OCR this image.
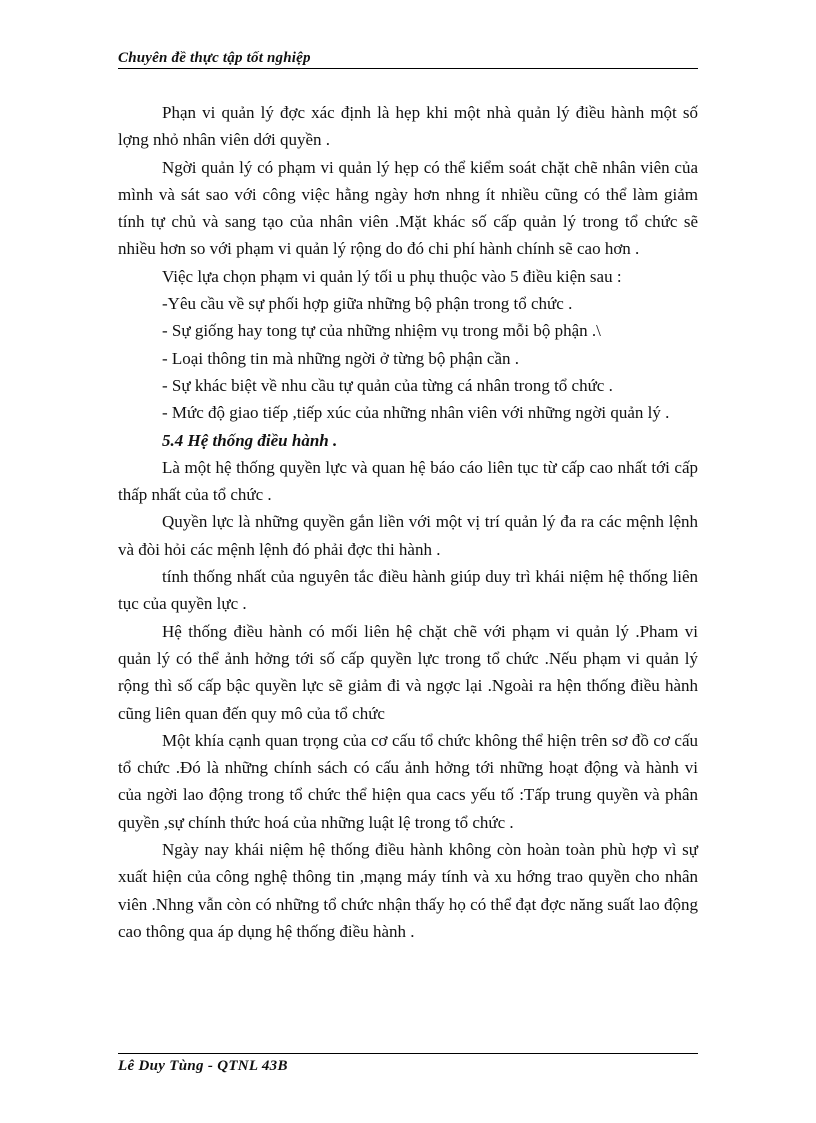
Chuyên đề thực tập tốt nghiệp

Phạn vi quản lý đợc xác định là hẹp khi một nhà quản lý điều hành một số lợng nhỏ nhân viên dới quyền .

Ngời quản lý có phạm vi quản lý hẹp có thể kiểm soát chặt chẽ nhân viên của mình và sát sao với công việc hằng ngày hơn nhng ít nhiều cũng có thể làm giảm tính tự chủ và sang tạo của nhân viên .Mặt khác số cấp quản lý trong tổ chức sẽ nhiều hơn so với phạm vi quản lý rộng do đó chi phí hành chính sẽ cao hơn .

Việc lựa chọn phạm vi quản lý tối u phụ thuộc vào 5 điều kiện sau :

-Yêu cầu về sự phối hợp giữa những bộ phận trong tổ chức .

- Sự giống hay tong tự của những nhiệm vụ trong mỗi bộ phận .\

- Loại thông tin mà những ngời ở từng bộ phận cần .

- Sự khác biệt về nhu cầu tự quản của từng cá nhân trong tổ chức .

- Mức độ giao tiếp ,tiếp xúc của những nhân viên với những ngời quản lý .

5.4 Hệ thống điều hành .

Là một hệ thống quyền lực và quan hệ báo cáo liên tục từ cấp cao nhất tới cấp thấp nhất của tổ chức .

Quyền lực là những quyền gắn liền với một vị trí quản lý đa ra các mệnh lệnh và đòi hỏi các mệnh lệnh đó phải đợc thi hành .

tính thống nhất của nguyên tắc điều hành giúp duy trì khái niệm hệ thống liên tục của quyền lực .

Hệ thống điều hành có mối liên hệ chặt chẽ với phạm vi quản lý .Pham vi quản lý có thể ảnh hởng tới số cấp quyền lực trong tổ chức .Nếu phạm vi quản lý rộng thì số cấp bậc quyền lực sẽ giảm đi và ngợc lại .Ngoài ra hện thống điều hành cũng liên quan đến quy mô của tổ chức

Một khía cạnh quan trọng của cơ cấu tổ chức không thể hiện trên sơ đồ cơ cấu tổ chức .Đó là những chính sách có cấu ảnh hởng tới những hoạt động và hành vi của ngời lao động trong tổ chức thể hiện qua cacs yếu tố :Tấp trung quyền và phân quyền ,sự chính thức hoá của những luật lệ trong tổ chức .

Ngày nay khái niệm hệ thống điều hành không còn hoàn toàn phù hợp vì sự xuất hiện của công nghệ thông tin ,mạng máy tính và xu hớng trao quyền cho nhân viên .Nhng vẫn còn có những tổ chức nhận thấy họ có thể đạt đợc năng suất lao động cao thông qua áp dụng hệ thống điều hành .

Lê Duy Tùng - QTNL 43B
